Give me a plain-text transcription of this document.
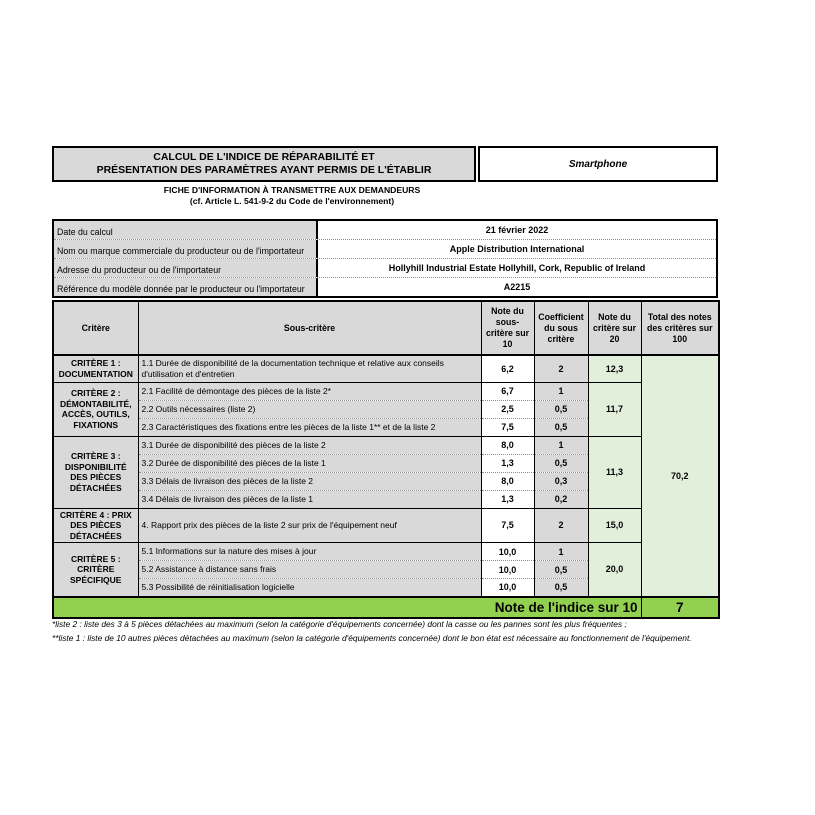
CALCUL DE L'INDICE DE RÉPARABILITÉ ET
PRÉSENTATION DES PARAMÈTRES AYANT PERMIS DE L'ÉTABLIR	Smartphone
FICHE D'INFORMATION À TRANSMETTRE AUX DEMANDEURS
(cf. Article L. 541-9-2 du Code de l'environnement)
Date du calcul	21 février 2022
Nom ou marque commerciale du producteur ou de l'importateur	Apple Distribution International
Adresse du producteur ou de l'importateur	Hollyhill Industrial Estate Hollyhill, Cork, Republic of Ireland
Référence du modèle donnée par le producteur ou l'importateur	A2215
Critère	Sous-critère	Note du sous-critère sur 10	Coefficient du sous critère	Note du critère sur 20	Total des notes des critères sur 100
CRITÈRE 1 : DOCUMENTATION	1.1 Durée de disponibilité de la documentation technique et relative aux conseils d'utilisation et d'entretien	6,2	2	12,3	70,2
CRITÈRE 2 : DÉMONTABILITÉ, ACCÈS, OUTILS, FIXATIONS	2.1 Facilité de démontage des pièces de la liste 2*	6,7	1	11,7	
	2.2 Outils nécessaires (liste 2)	2,5	0,5		
	2.3 Caractéristiques des fixations entre les pièces de la liste 1** et de la liste 2	7,5	0,5		
CRITÈRE 3 : DISPONIBILITÉ DES PIÈCES DÉTACHÉES	3.1 Durée de disponibilité des pièces de la liste 2	8,0	1	11,3	
	3.2 Durée de disponibilité des pièces de la liste 1	1,3	0,5		
	3.3 Délais de livraison des pièces de la liste 2	8,0	0,3		
	3.4 Délais de livraison des pièces de la liste 1	1,3	0,2		
CRITÈRE 4 : PRIX DES PIÈCES DÉTACHÉES	4. Rapport prix des pièces de la liste 2 sur prix de l'équipement neuf	7,5	2	15,0	
CRITÈRE 5 : CRITÈRE SPÉCIFIQUE	5.1 Informations sur la nature des mises à jour	10,0	1	20,0	
	5.2 Assistance à distance sans frais	10,0	0,5		
	5.3 Possibilité de réinitialisation logicielle	10,0	0,5		
Note de l'indice sur 10					7
*liste 2 : liste des 3 à 5 pièces détachées au maximum (selon la catégorie d'équipements concernée) dont la casse ou les pannes sont les plus fréquentes ;
**liste 1 : liste de 10 autres pièces détachées au maximum (selon la catégorie d'équipements concernée) dont le bon état est nécessaire au fonctionnement de l'équipement.
